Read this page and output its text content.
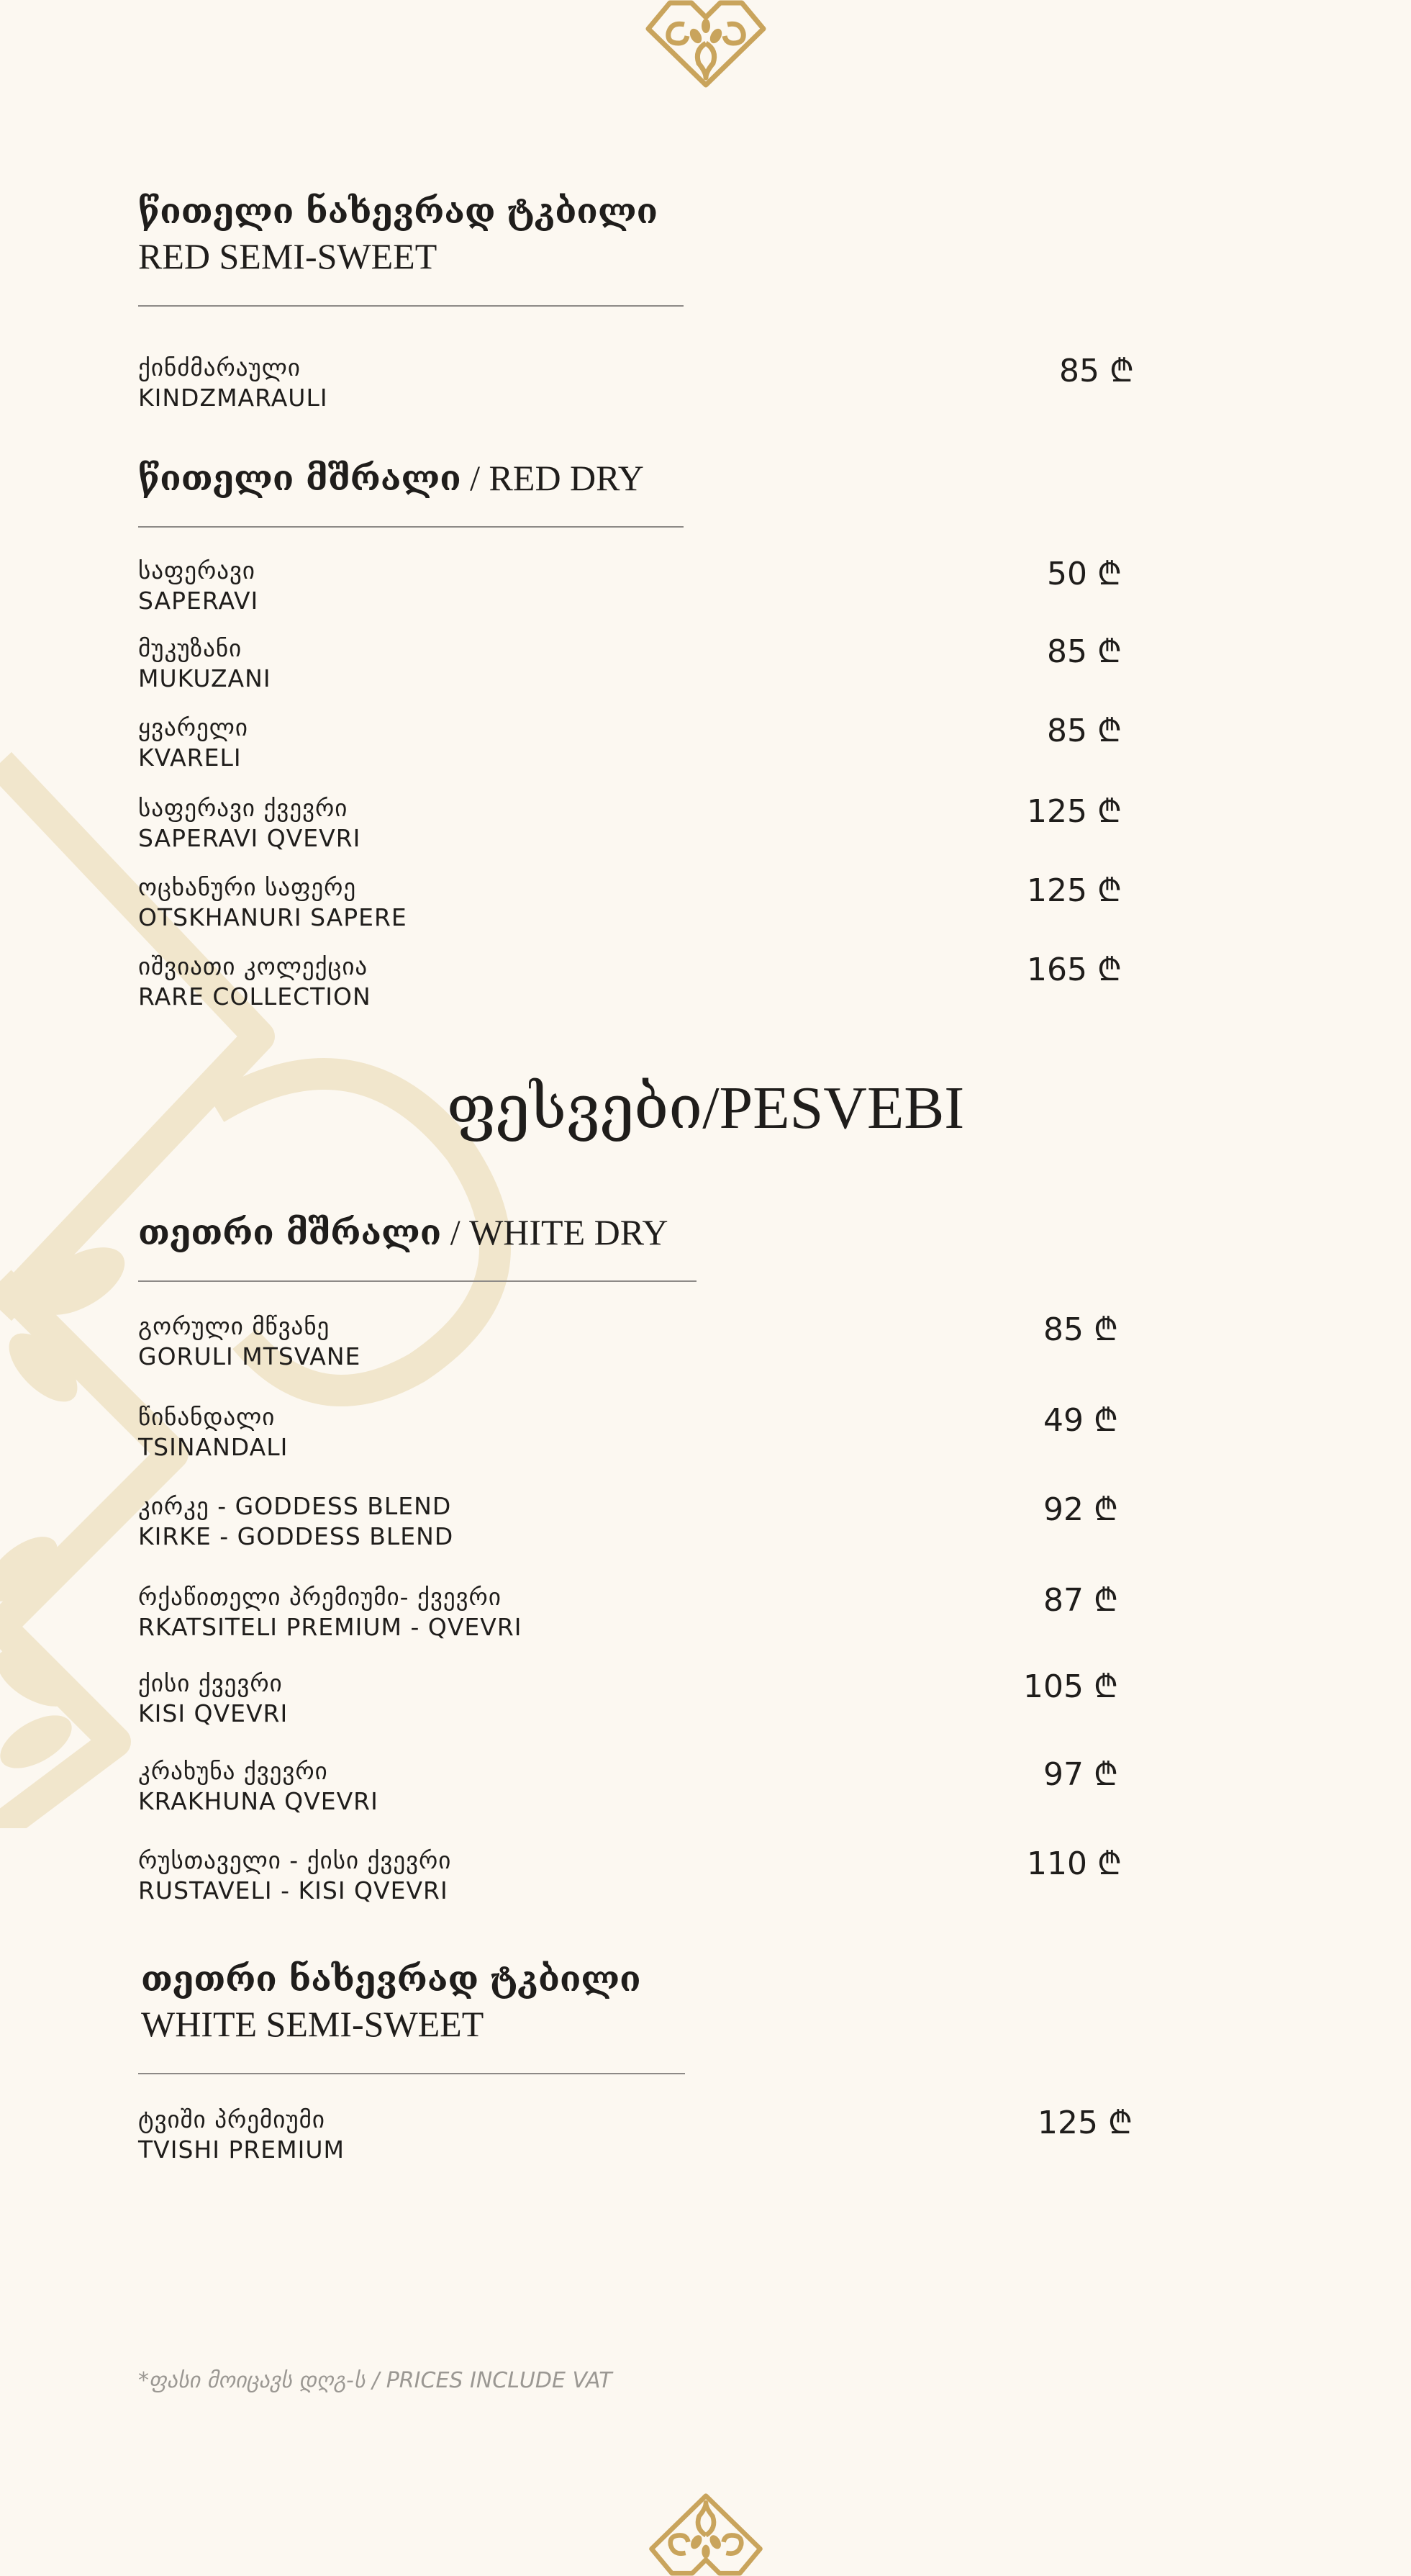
წითელი ნახევრად ტკბილი
RED SEMI-SWEET
ქინძმარაული
KINDZMARAULI
85 ₾
წითელი მშრალი / RED DRY
საფერავი
SAPERAVI
50 ₾
მუკუზანი
MUKUZANI
85 ₾
ყვარელი
KVARELI
85 ₾
საფერავი ქვევრი
SAPERAVI QVEVRI
125 ₾
ოცხანური საფერე
OTSKHANURI SAPERE
125 ₾
იშვიათი კოლექცია
RARE COLLECTION
165 ₾
ფესვები/PESVEBI
თეთრი მშრალი / WHITE DRY
გორული მწვანე
GORULI MTSVANE
85 ₾
წინანდალი
TSINANDALI
49 ₾
კირკე - GODDESS BLEND
KIRKE - GODDESS BLEND
92 ₾
რქაწითელი პრემიუმი- ქვევრი
RKATSITELI PREMIUM - QVEVRI
87 ₾
ქისი ქვევრი
KISI QVEVRI
105 ₾
კრახუნა ქვევრი
KRAKHUNA QVEVRI
97 ₾
რუსთაველი - ქისი ქვევრი
RUSTAVELI - KISI QVEVRI
110 ₾
თეთრი ნახევრად ტკბილი
WHITE SEMI-SWEET
ტვიში პრემიუმი
TVISHI PREMIUM
125 ₾
*ფასი მოიცავს დღგ-ს / PRICES INCLUDE VAT
